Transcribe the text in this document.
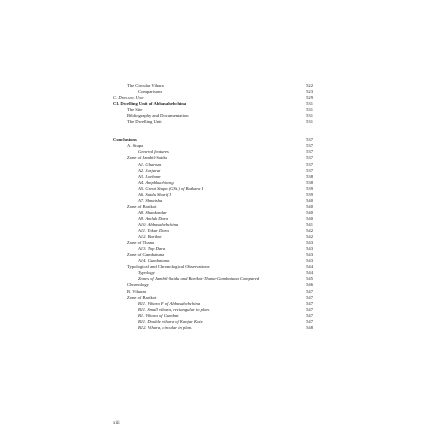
The Circular Vihara	522
Comparisons	523
C. Dwelling Unit	529
CI. Dwelling Unit of Abbasahebchina	531
The Site	531
Bibliography and Documentation	531
The Dwelling Unit	531
Conclusions	537
A. Stupa	537
General features	537
Zone of Jambil-Saidu	537
A1. Gharoza	537
A2. Jurjurai	537
A3. Loebanr	538
A4. Amphkuchiwng	538
A5. Great Stupa (GSt.) of Butkara I	539
A6. Saidu Sharif I	539
A7. Shnaisha	540
Zone of Barikot	540
A8. Shankardar	540
A9. Amluk Dara	540
A10. Abbasahebchina	541
A11. Tokar Dara	542
A12. Barikot	542
Zone of Thana	543
A13. Top Dara	543
Zone of Gumbatuna	543
A14. Gumbatuna	543
Typological and Chronological Observations	544
Typology	544
Zones of Jambil-Saidu and Barikot-Thana-Gumbatuna Compared	545
Chronology	546
B. Viharas	547
Zone of Barikot	547
B11. Vihara F of Abbasahebchina	547
B11. Small vihara, rectangular in plan.	547
B1. Vihara of Gumbat	547
B11. Double vihara of Kanjar Kote	547
B12. Vihara, circular in plan.	548
xiii
